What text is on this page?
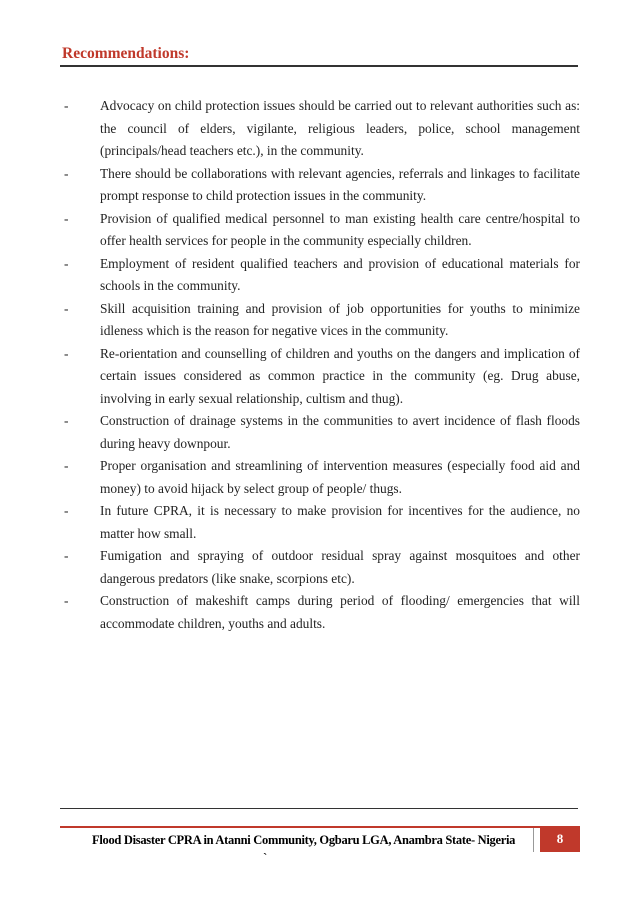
Recommendations:
- Advocacy on child protection issues should be carried out to relevant authorities such as: the council of elders, vigilante, religious leaders, police, school management (principals/head teachers etc.), in the community.
- There should be collaborations with relevant agencies, referrals and linkages to facilitate prompt response to child protection issues in the community.
- Provision of qualified medical personnel to man existing health care centre/hospital to offer health services for people in the community especially children.
- Employment of resident qualified teachers and provision of educational materials for schools in the community.
- Skill acquisition training and provision of job opportunities for youths to minimize idleness which is the reason for negative vices in the community.
- Re-orientation and counselling of children and youths on the dangers and implication of certain issues considered as common practice in the community (eg. Drug abuse, involving in early sexual relationship, cultism and thug).
- Construction of drainage systems in the communities to avert incidence of flash floods during heavy downpour.
- Proper organisation and streamlining of intervention measures (especially food aid and money) to avoid hijack by select group of people/ thugs.
- In future CPRA, it is necessary to make provision for incentives for the audience, no matter how small.
- Fumigation and spraying of outdoor residual spray against mosquitoes and other dangerous predators (like snake, scorpions etc).
- Construction of makeshift camps during period of flooding/ emergencies that will accommodate children, youths and adults.
Flood Disaster CPRA in Atanni Community, Ogbaru LGA, Anambra State- Nigeria	8
`
